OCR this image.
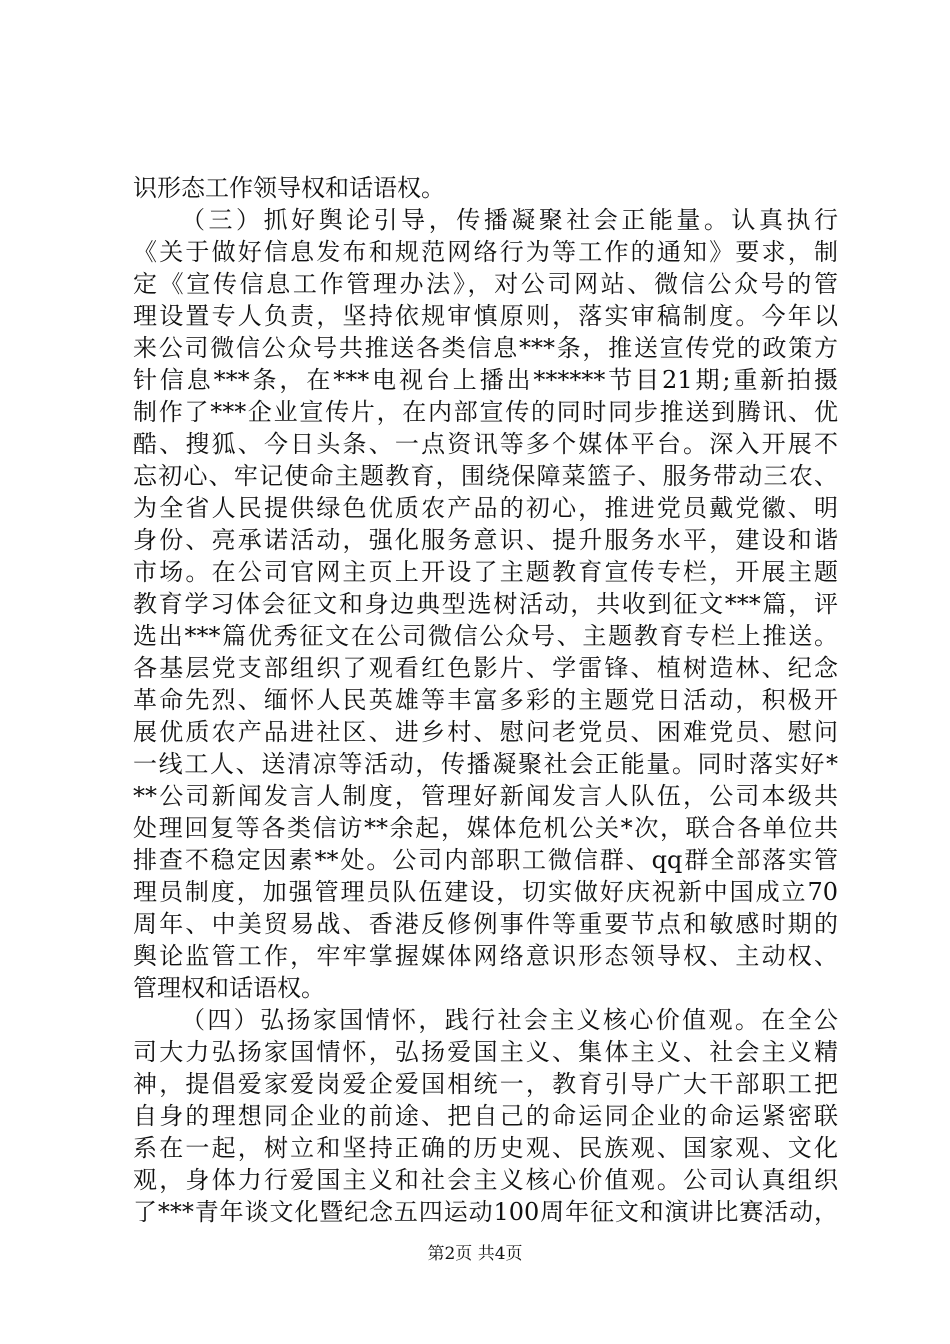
识形态工作领导权和话语权。
（三）抓好舆论引导，传播凝聚社会正能量。认真执行
《关于做好信息发布和规范网络行为等工作的通知》要求，制
定《宣传信息工作管理办法》，对公司网站、微信公众号的管
理设置专人负责，坚持依规审慎原则，落实审稿制度。今年以
来公司微信公众号共推送各类信息***条，推送宣传党的政策方
针信息***条，在***电视台上播出******节目21期;重新拍摄
制作了***企业宣传片，在内部宣传的同时同步推送到腾讯、优
酷、搜狐、今日头条、一点资讯等多个媒体平台。深入开展不
忘初心、牢记使命主题教育，围绕保障菜篮子、服务带动三农、
为全省人民提供绿色优质农产品的初心，推进党员戴党徽、明
身份、亮承诺活动，强化服务意识、提升服务水平，建设和谐
市场。在公司官网主页上开设了主题教育宣传专栏，开展主题
教育学习体会征文和身边典型选树活动，共收到征文***篇，评
选出***篇优秀征文在公司微信公众号、主题教育专栏上推送。
各基层党支部组织了观看红色影片、学雷锋、植树造林、纪念
革命先烈、缅怀人民英雄等丰富多彩的主题党日活动，积极开
展优质农产品进社区、进乡村、慰问老党员、困难党员、慰问
一线工人、送清凉等活动，传播凝聚社会正能量。同时落实好*
**公司新闻发言人制度，管理好新闻发言人队伍，公司本级共
处理回复等各类信访**余起，媒体危机公关*次，联合各单位共
排查不稳定因素**处。公司内部职工微信群、qq群全部落实管
理员制度，加强管理员队伍建设，切实做好庆祝新中国成立70
周年、中美贸易战、香港反修例事件等重要节点和敏感时期的
舆论监管工作，牢牢掌握媒体网络意识形态领导权、主动权、
管理权和话语权。
（四）弘扬家国情怀，践行社会主义核心价值观。在全公
司大力弘扬家国情怀，弘扬爱国主义、集体主义、社会主义精
神，提倡爱家爱岗爱企爱国相统一，教育引导广大干部职工把
自身的理想同企业的前途、把自己的命运同企业的命运紧密联
系在一起，树立和坚持正确的历史观、民族观、国家观、文化
观，身体力行爱国主义和社会主义核心价值观。公司认真组织
了***青年谈文化暨纪念五四运动100周年征文和演讲比赛活动，
第2页 共4页
